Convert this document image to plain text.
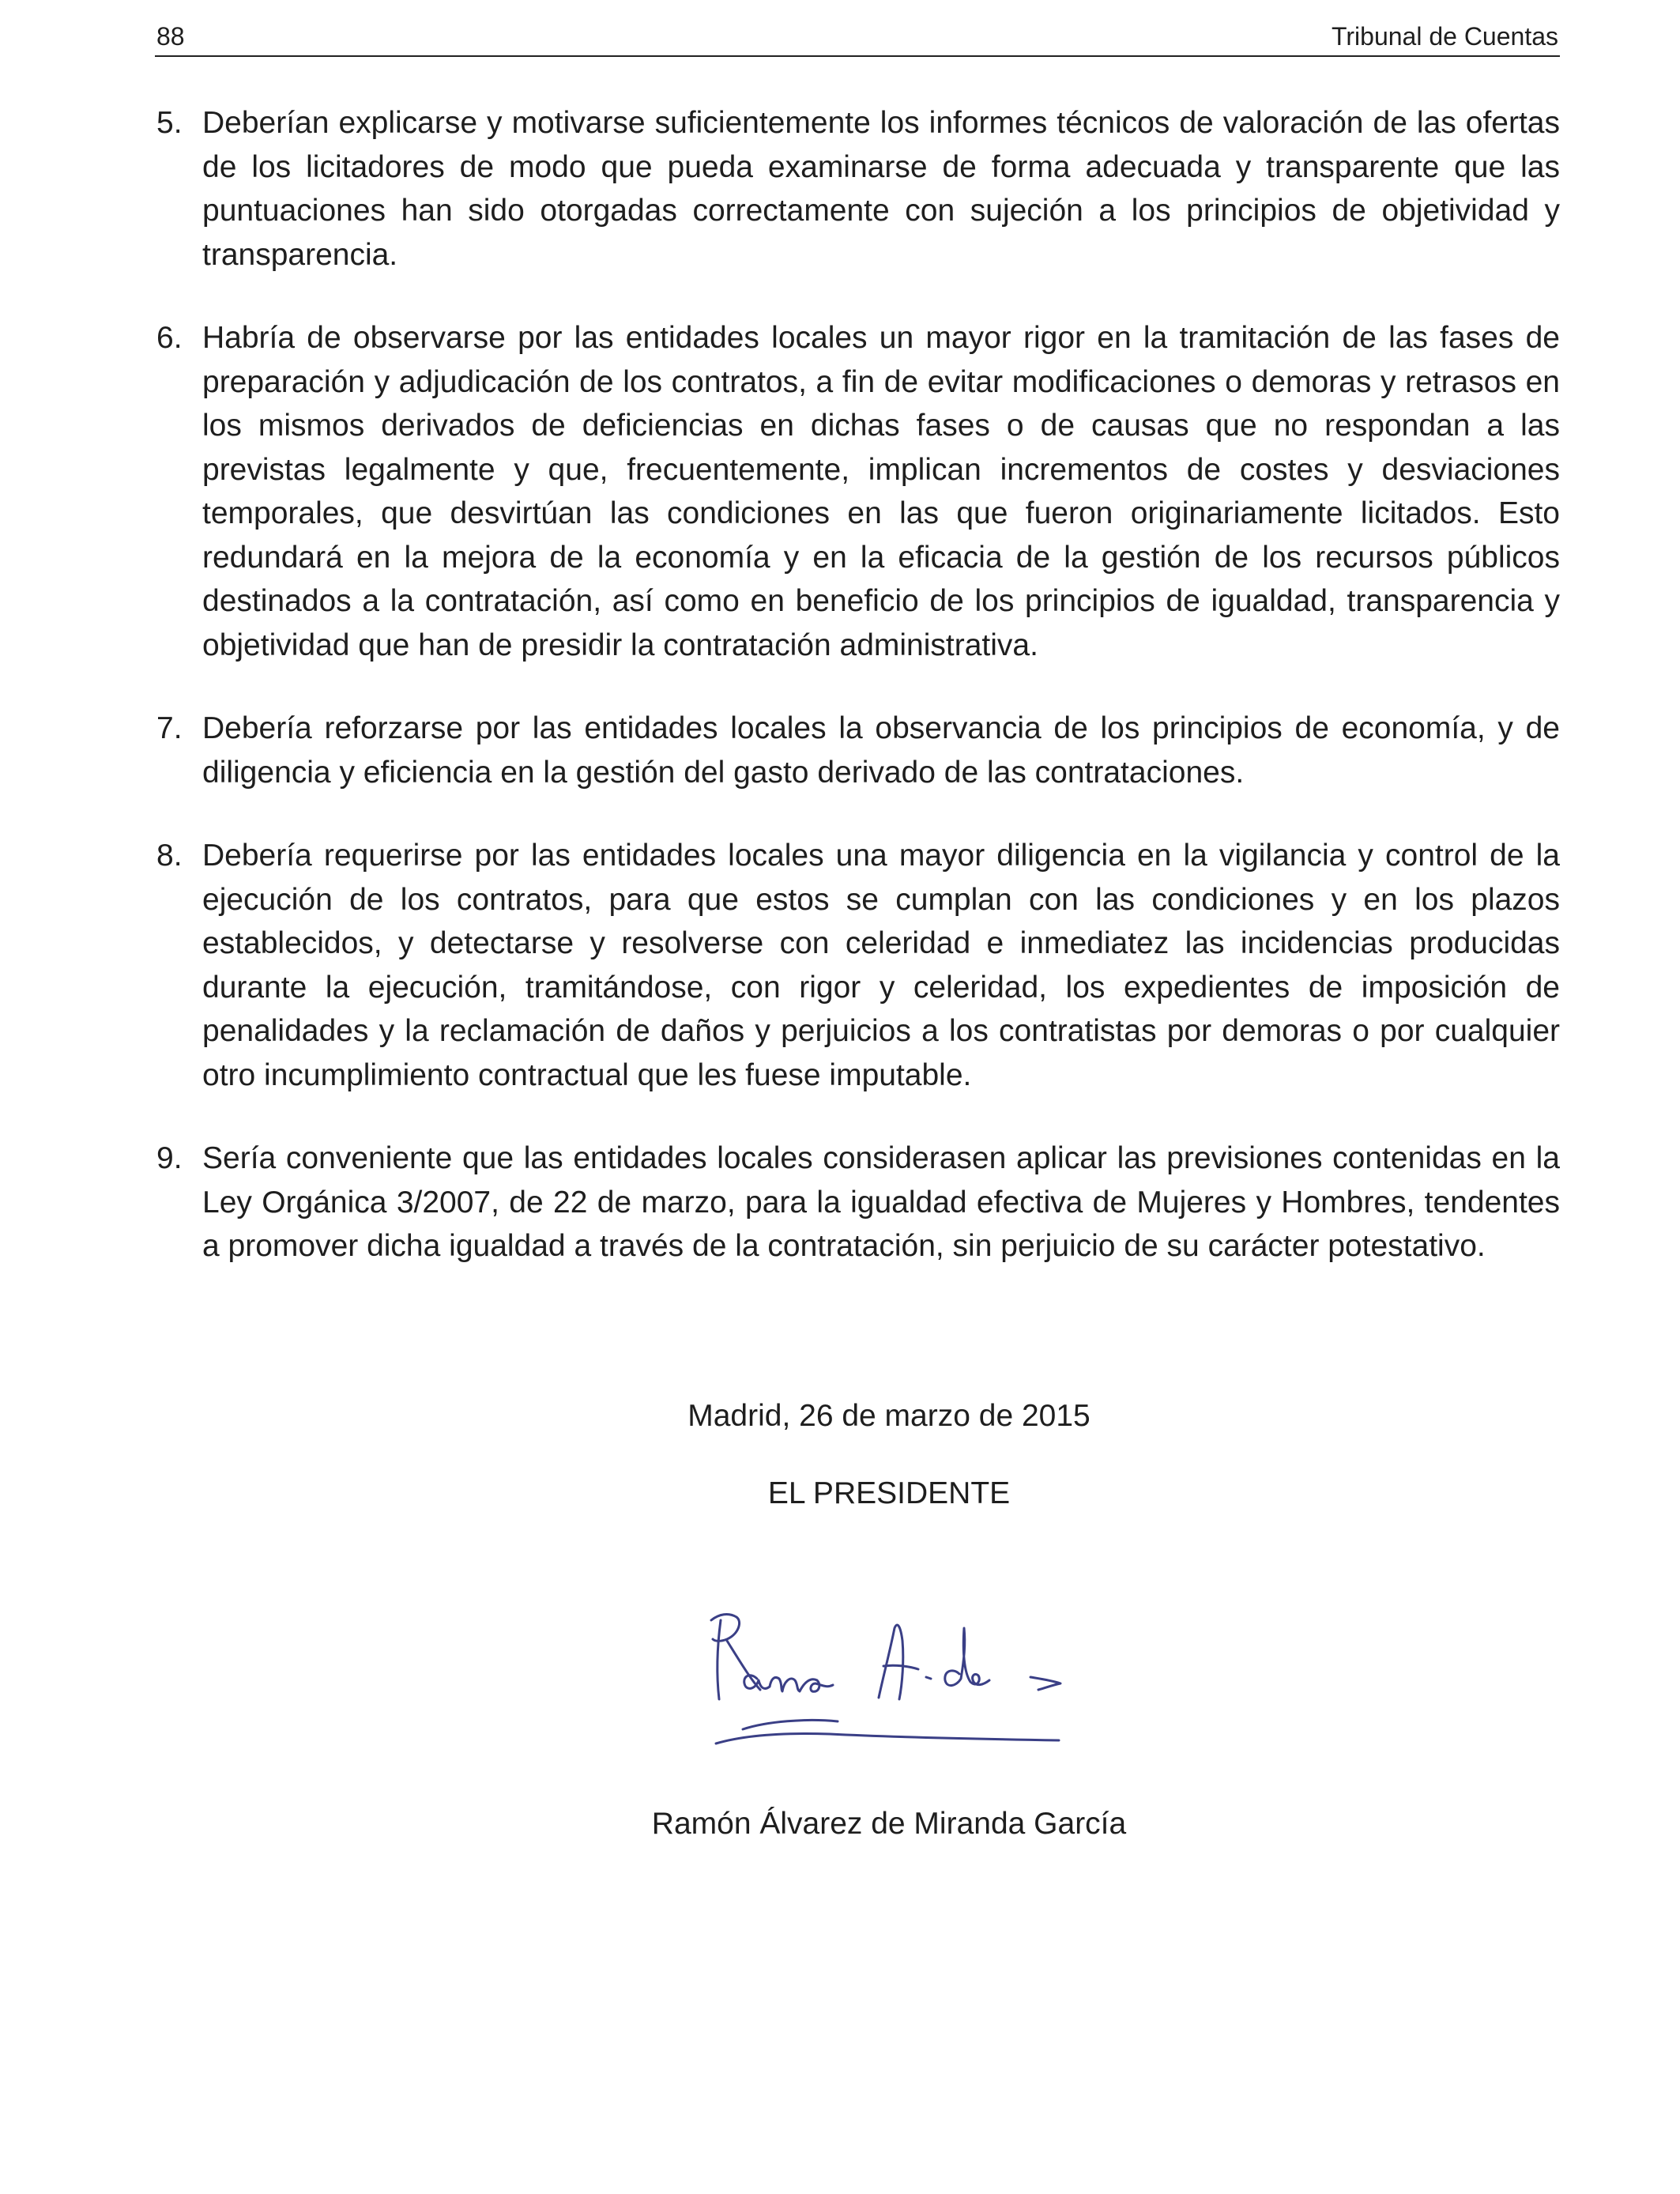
88	Tribunal de Cuentas
5. Deberían explicarse y motivarse suficientemente los informes técnicos de valoración de las ofertas de los licitadores de modo que pueda examinarse de forma adecuada y transparente que las puntuaciones han sido otorgadas correctamente con sujeción a los principios de objetividad y transparencia.
6. Habría de observarse por las entidades locales un mayor rigor en la tramitación de las fases de preparación y adjudicación de los contratos, a fin de evitar modificaciones o demoras y retrasos en los mismos derivados de deficiencias en dichas fases o de causas que no respondan a las previstas legalmente y que, frecuentemente, implican incrementos de costes y desviaciones temporales, que desvirtúan las condiciones en las que fueron originariamente licitados. Esto redundará en la mejora de la economía y en la eficacia de la gestión de los recursos públicos destinados a la contratación, así como en beneficio de los principios de igualdad, transparencia y objetividad que han de presidir la contratación administrativa.
7. Debería reforzarse por las entidades locales la observancia de los principios de economía, y de diligencia y eficiencia en la gestión del gasto derivado de las contrataciones.
8. Debería requerirse por las entidades locales una mayor diligencia en la vigilancia y control de la ejecución de los contratos, para que estos se cumplan con las condiciones y en los plazos establecidos, y detectarse y resolverse con celeridad e inmediatez las incidencias producidas durante la ejecución, tramitándose, con rigor y celeridad, los expedientes de imposición de penalidades y la reclamación de daños y perjuicios a los contratistas por demoras o por cualquier otro incumplimiento contractual que les fuese imputable.
9. Sería conveniente que las entidades locales considerasen aplicar las previsiones contenidas en la Ley Orgánica 3/2007, de 22 de marzo, para la igualdad efectiva de Mujeres y Hombres, tendentes a promover dicha igualdad a través de la contratación, sin perjuicio de su carácter potestativo.
Madrid, 26 de marzo de 2015
EL PRESIDENTE
Ramón Álvarez de Miranda García
